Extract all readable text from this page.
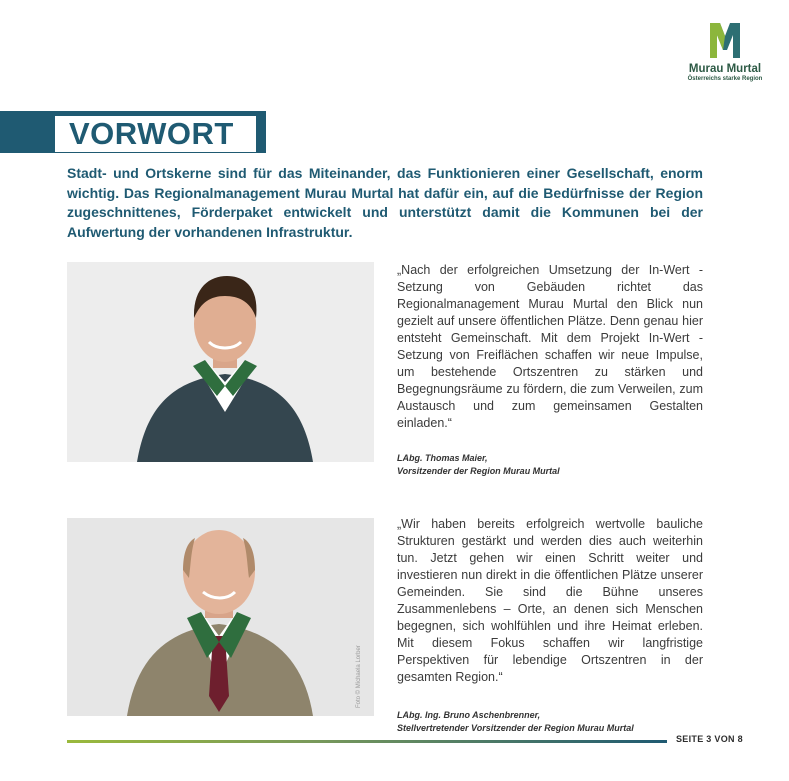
Murau Murtal
Österreichs starke Region
VORWORT

Stadt- und Ortskerne sind für das Miteinander, das Funktionieren einer Gesellschaft, enorm wichtig. Das Regionalmanagement Murau Murtal hat dafür ein, auf die Bedürfnisse der Region zugeschnittenes, Förderpaket entwickelt und unterstützt damit die Kommunen bei der Aufwertung der vorhandenen Infrastruktur.

„Nach der erfolgreichen Umsetzung der In-Wert -Setzung von Gebäuden richtet das Regionalmanagement Murau Murtal den Blick nun gezielt auf unsere öffentlichen Plätze. Denn genau hier entsteht Gemeinschaft. Mit dem Projekt In-Wert -Setzung von Freiflächen schaffen wir neue Impulse, um bestehende Ortszentren zu stärken und Begegnungsräume zu fördern, die zum Verweilen, zum Austausch und zum gemeinsamen Gestalten einladen.“

LAbg. Thomas Maier,
Vorsitzender der Region Murau Murtal
Foto © Michaela Lorber

„Wir haben bereits erfolgreich wertvolle bauliche Strukturen gestärkt und werden dies auch weiterhin tun. Jetzt gehen wir einen Schritt weiter und investieren nun direkt in die öffentlichen Plätze unserer Gemeinden. Sie sind die Bühne unseres Zusammenlebens – Orte, an denen sich Menschen begegnen, sich wohlfühlen und ihre Heimat erleben. Mit diesem Fokus schaffen wir langfristige Perspektiven für lebendige Ortszentren in der gesamten Region.“

LAbg. Ing. Bruno Aschenbrenner,
Stellvertretender Vorsitzender der Region Murau Murtal
SEITE 3 VON 8
